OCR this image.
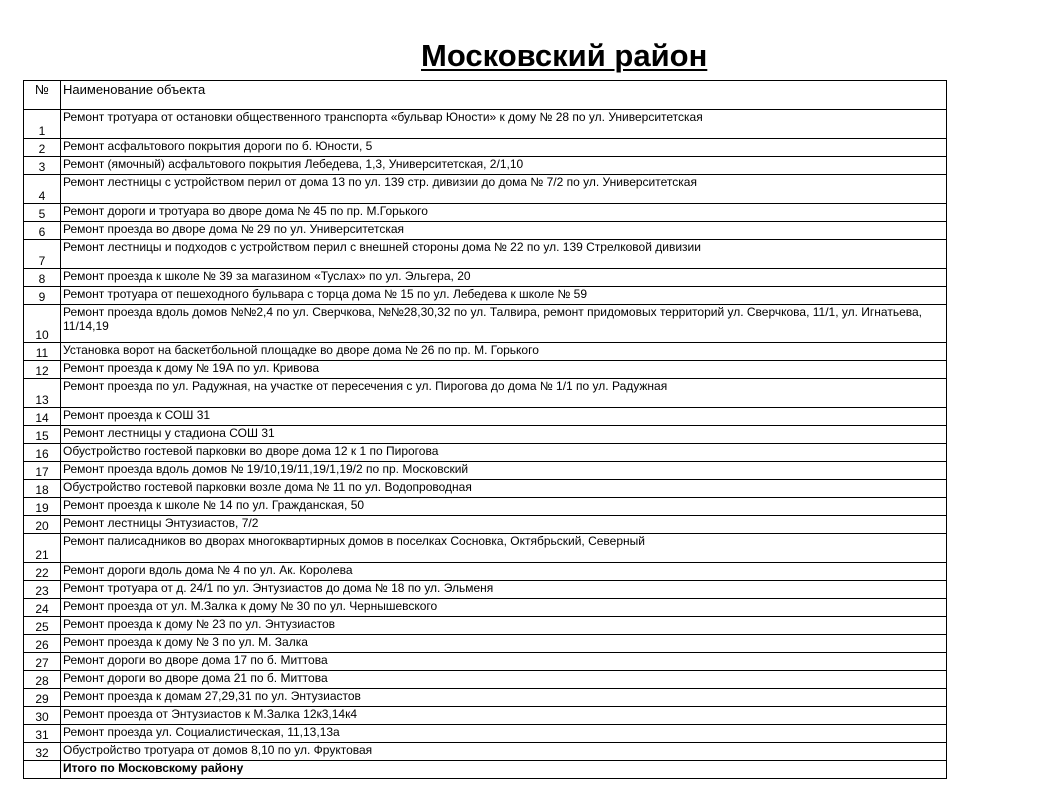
Московский район
№	Наименование объекта
1	Ремонт тротуара от остановки общественного транспорта «бульвар Юности» к дому № 28 по ул. Университетская
2	Ремонт асфальтового покрытия дороги по б. Юности, 5
3	Ремонт (ямочный) асфальтового покрытия Лебедева, 1,3, Университетская, 2/1,10
4	Ремонт лестницы с устройством перил от дома 13 по ул. 139 стр. дивизии до дома № 7/2 по ул. Университетская
5	Ремонт дороги и тротуара во дворе дома № 45 по пр. М.Горького
6	Ремонт проезда во дворе дома № 29 по ул. Университетская
7	Ремонт лестницы и подходов с устройством перил с внешней стороны дома № 22 по ул. 139 Стрелковой дивизии
8	Ремонт проезда к школе № 39 за магазином «Туслах» по ул. Эльгера, 20
9	Ремонт тротуара от пешеходного бульвара с торца дома № 15 по ул. Лебедева к школе № 59
10	Ремонт проезда вдоль домов №№2,4 по ул. Сверчкова, №№28,30,32 по ул. Талвира, ремонт придомовых территорий ул. Сверчкова, 11/1, ул. Игнатьева, 11/14,19
11	Установка ворот на баскетбольной площадке во дворе дома № 26 по пр. М. Горького
12	Ремонт проезда к дому № 19А по ул. Кривова
13	Ремонт проезда по ул. Радужная, на участке от пересечения с ул. Пирогова до дома № 1/1 по ул. Радужная
14	Ремонт проезда к СОШ 31
15	Ремонт лестницы у стадиона СОШ 31
16	Обустройство гостевой парковки во дворе дома 12 к 1 по Пирогова
17	Ремонт проезда вдоль домов № 19/10,19/11,19/1,19/2 по пр. Московский
18	Обустройство гостевой парковки возле дома № 11 по ул. Водопроводная
19	Ремонт проезда к школе № 14 по ул. Гражданская, 50
20	Ремонт лестницы Энтузиастов, 7/2
21	Ремонт палисадников во дворах многоквартирных домов в поселках Сосновка, Октябрьский, Северный
22	Ремонт дороги вдоль дома № 4 по ул. Ак. Королева
23	Ремонт тротуара от д. 24/1 по ул. Энтузиастов до дома № 18 по ул. Эльменя
24	Ремонт проезда от ул. М.Залка к дому № 30 по ул. Чернышевского
25	Ремонт проезда к дому № 23 по ул. Энтузиастов
26	Ремонт проезда к дому № 3 по ул. М. Залка
27	Ремонт дороги во дворе дома 17 по б. Миттова
28	Ремонт дороги во дворе дома 21 по б. Миттова
29	Ремонт проезда к домам 27,29,31 по ул. Энтузиастов
30	Ремонт проезда от Энтузиастов к М.Залка 12к3,14к4
31	Ремонт проезда ул. Социалистическая, 11,13,13а
32	Обустройство тротуара от домов 8,10 по ул. Фруктовая
	Итого по Московскому району
